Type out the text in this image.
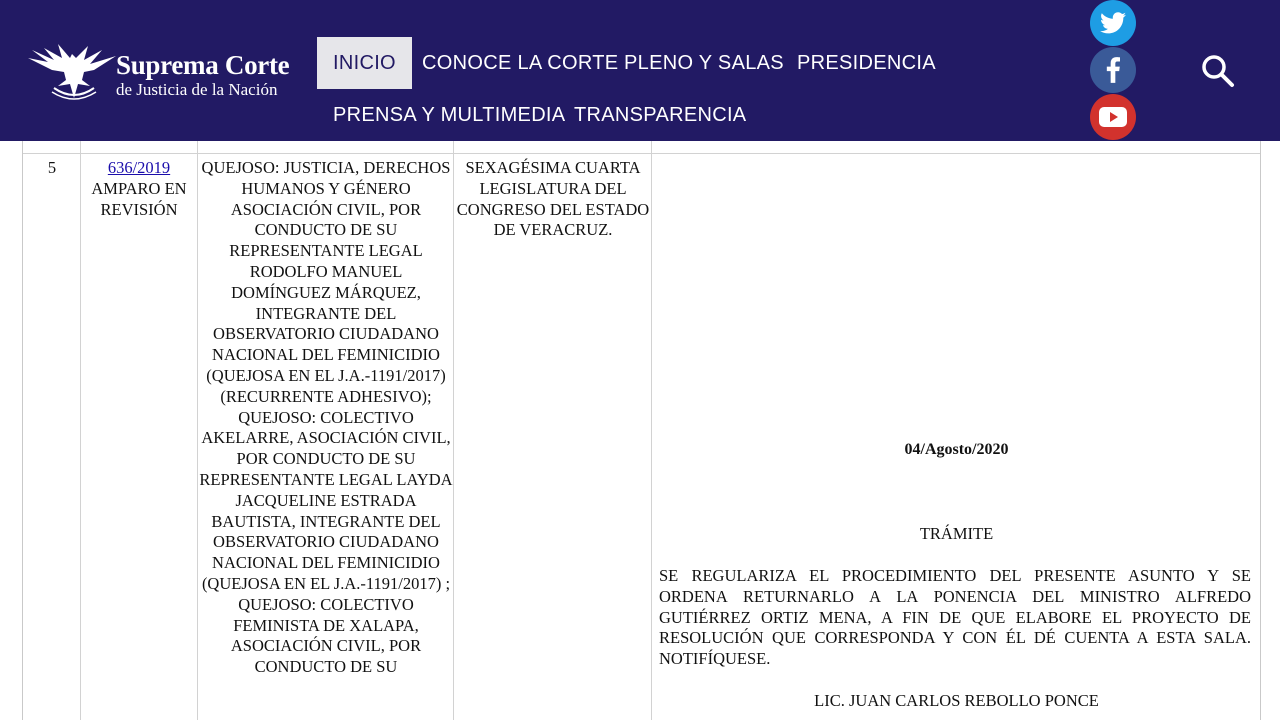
Suprema Corte
de Justicia de la Nación
INICIO	CONOCE LA CORTE PLENO Y SALAS PRESIDENCIA
PRENSA Y MULTIMEDIA TRANSPARENCIA
5	636/2019
AMPARO EN REVISIÓN
QUEJOSO: JUSTICIA, DERECHOS HUMANOS Y GÉNERO ASOCIACIÓN CIVIL, POR CONDUCTO DE SU REPRESENTANTE LEGAL RODOLFO MANUEL DOMÍNGUEZ MÁRQUEZ, INTEGRANTE DEL OBSERVATORIO CIUDADANO NACIONAL DEL FEMINICIDIO (QUEJOSA EN EL J.A.-1191/2017) (RECURRENTE ADHESIVO); QUEJOSO: COLECTIVO AKELARRE, ASOCIACIÓN CIVIL, POR CONDUCTO DE SU REPRESENTANTE LEGAL LAYDA JACQUELINE ESTRADA BAUTISTA, INTEGRANTE DEL OBSERVATORIO CIUDADANO NACIONAL DEL FEMINICIDIO (QUEJOSA EN EL J.A.-1191/2017) ; QUEJOSO: COLECTIVO FEMINISTA DE XALAPA, ASOCIACIÓN CIVIL, POR CONDUCTO DE SU
SEXAGÉSIMA CUARTA LEGISLATURA DEL CONGRESO DEL ESTADO DE VERACRUZ.
04/Agosto/2020
TRÁMITE
SE REGULARIZA EL PROCEDIMIENTO DEL PRESENTE ASUNTO Y SE ORDENA RETURNARLO A LA PONENCIA DEL MINISTRO ALFREDO GUTIÉRREZ ORTIZ MENA, A FIN DE QUE ELABORE EL PROYECTO DE RESOLUCIÓN QUE CORRESPONDA Y CON ÉL DÉ CUENTA A ESTA SALA. NOTIFÍQUESE.
LIC. JUAN CARLOS REBOLLO PONCE
